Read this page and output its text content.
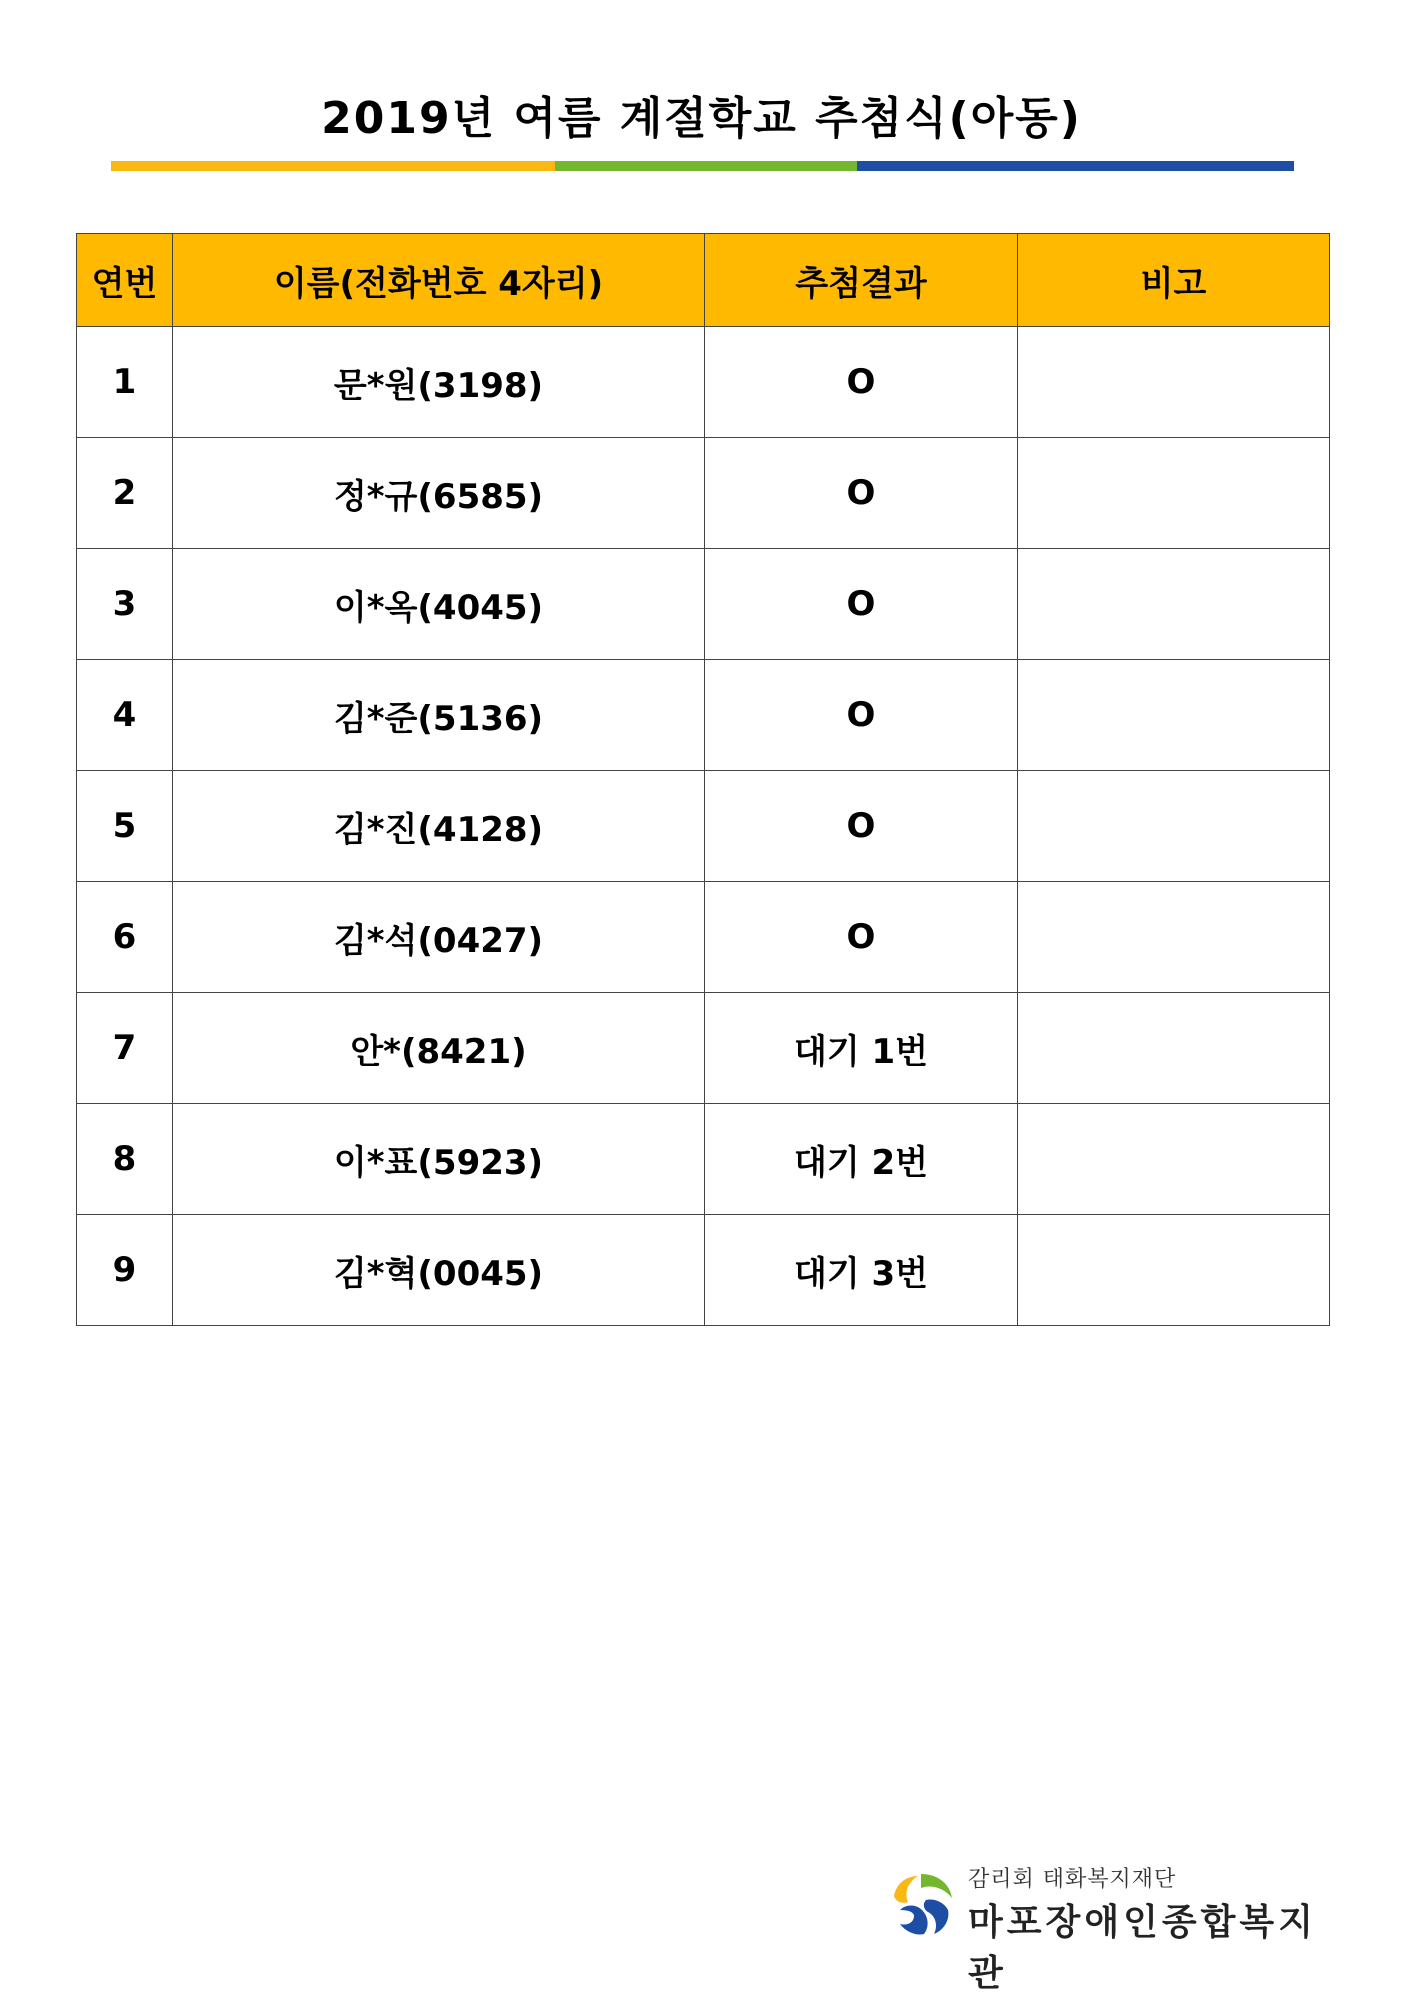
2019년 여름 계절학교 추첨식(아동)
연번	이름(전화번호 4자리)	추첨결과	비고
1	문*원(3198)	O	
2	정*규(6585)	O	
3	이*옥(4045)	O	
4	김*준(5136)	O	
5	김*진(4128)	O	
6	김*석(0427)	O	
7	안*(8421)	대기 1번	
8	이*표(5923)	대기 2번	
9	김*혁(0045)	대기 3번	
감리회 태화복지재단
마포장애인종합복지관
